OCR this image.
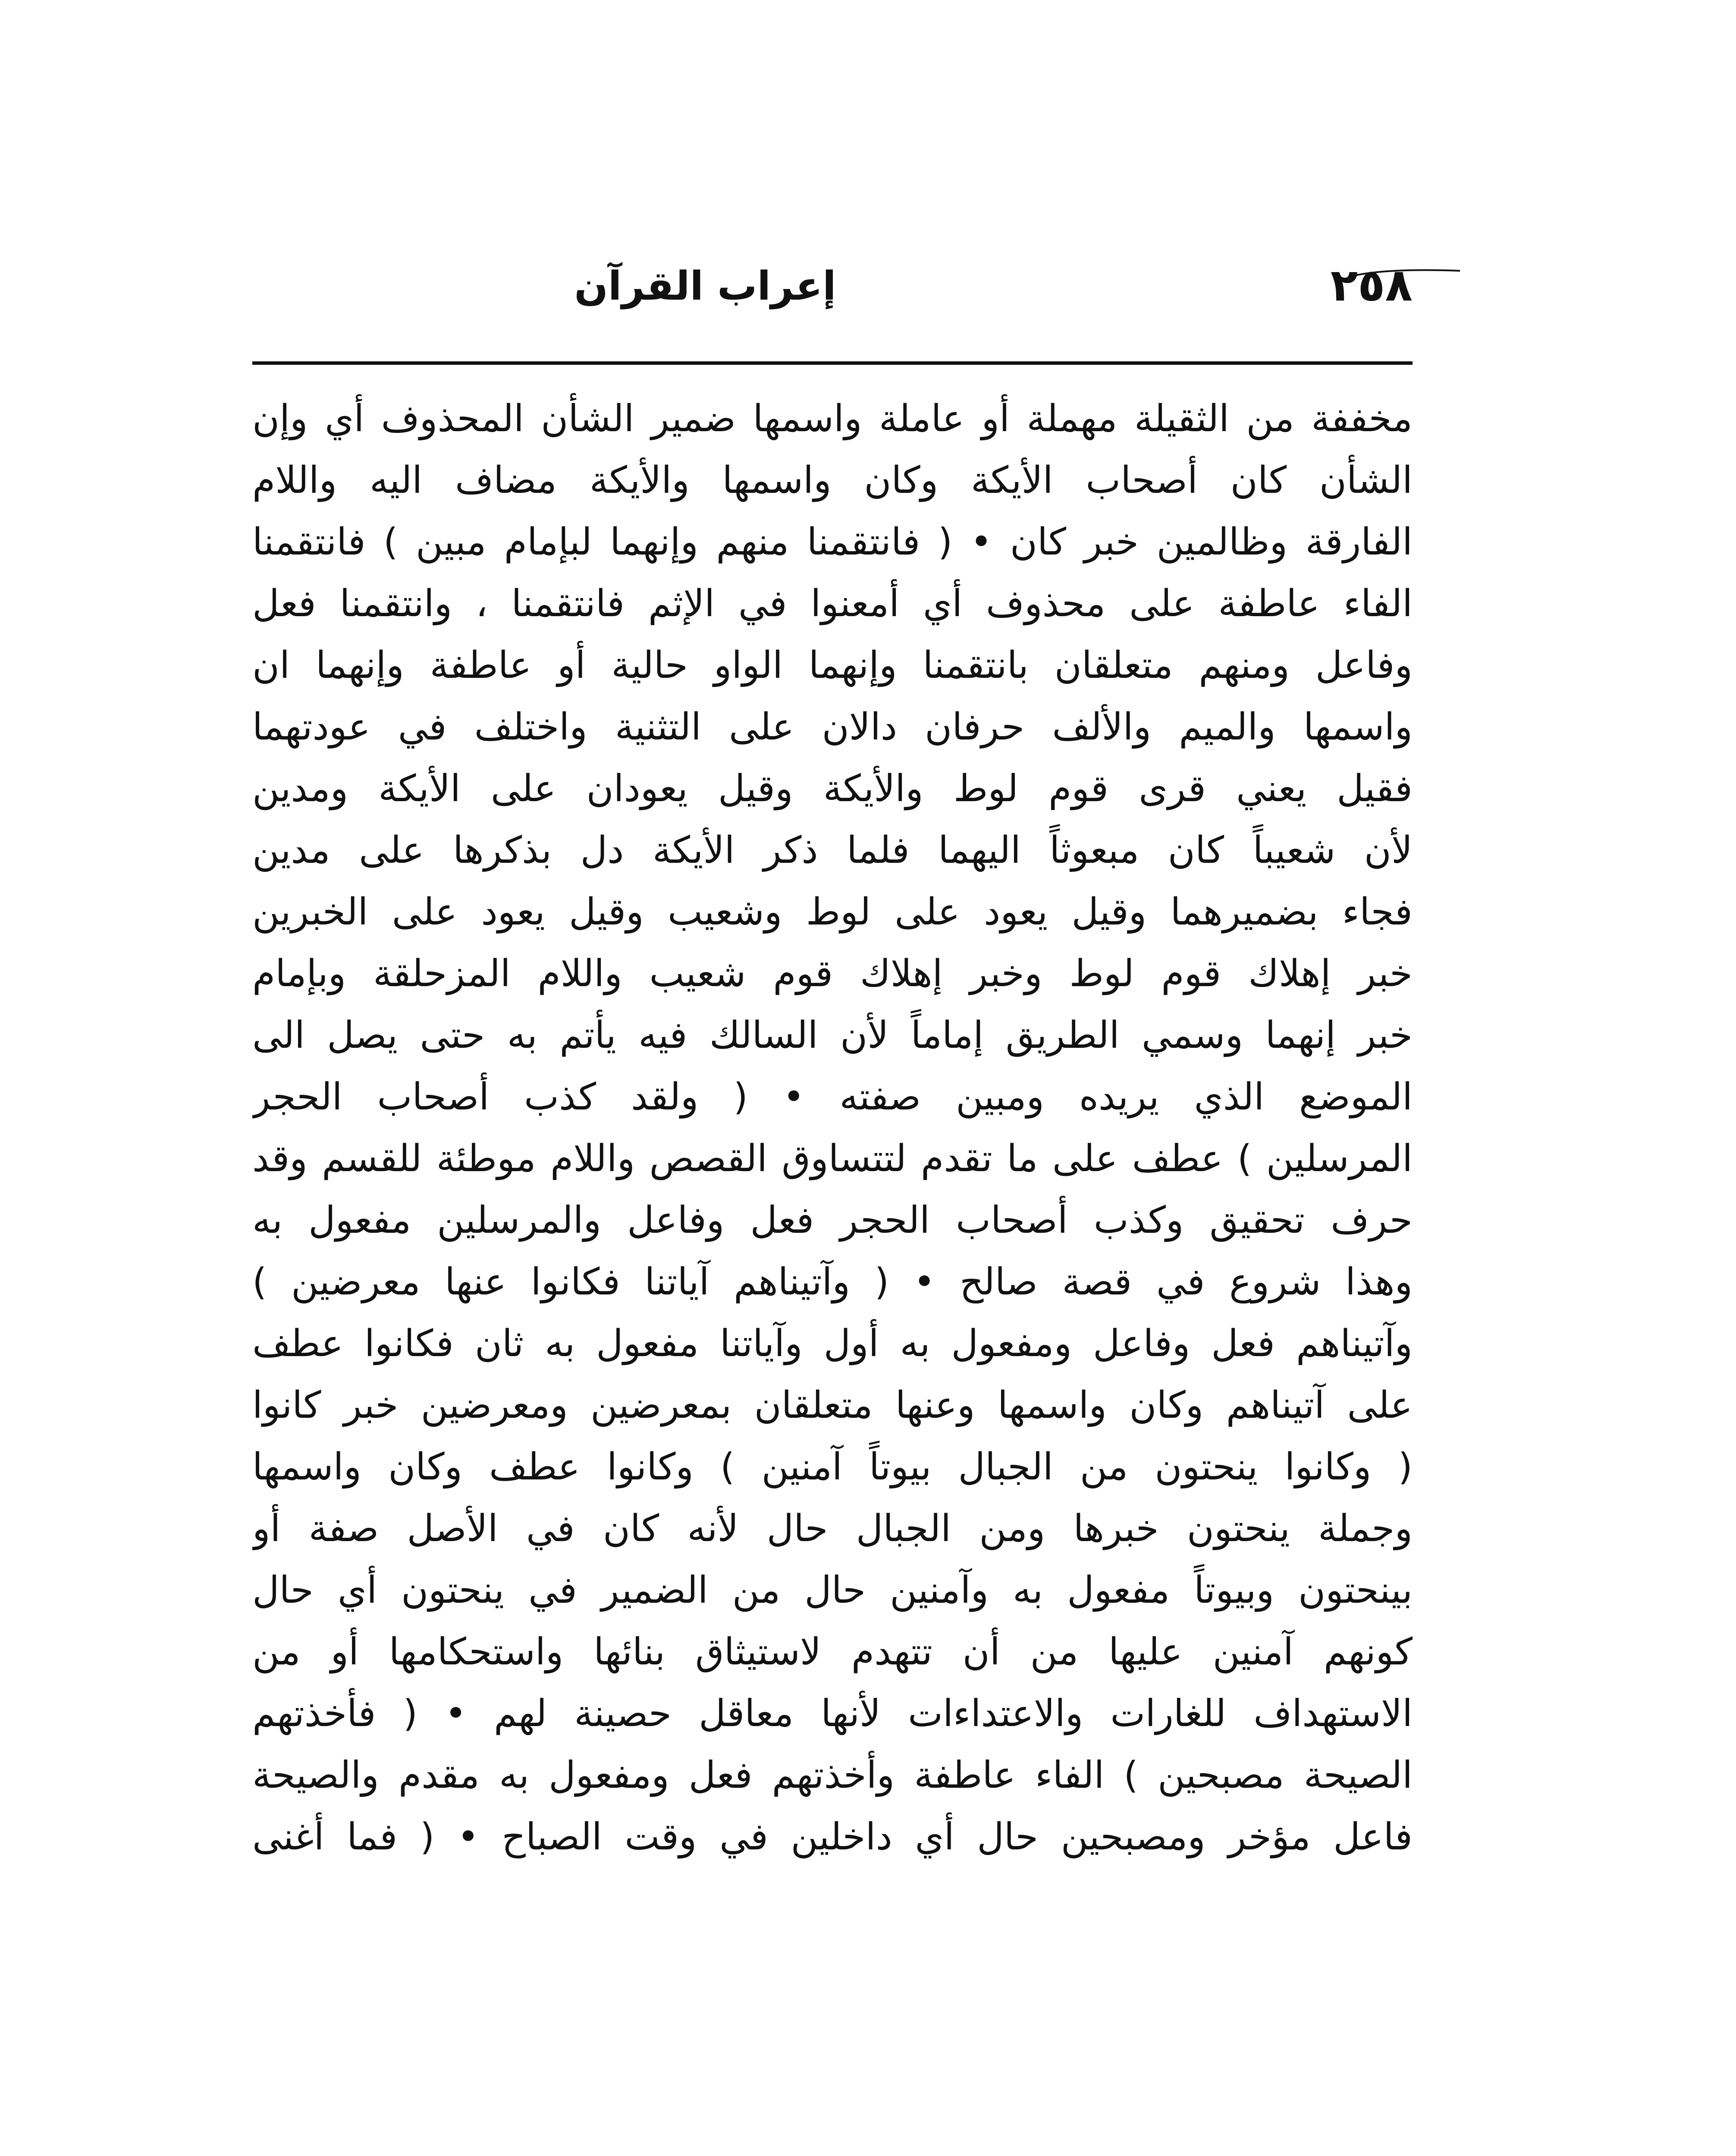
٢٥٨
إعراب القرآن
مخففة من الثقيلة مهملة أو عاملة واسمها ضمير الشأن المحذوف أي وإن
الشأن كان أصحاب الأيكة وكان واسمها والأيكة مضاف اليه واللام
الفارقة وظالمين خبر كان • ( فانتقمنا منهم وإنهما لبإمام مبين ) فانتقمنا
الفاء عاطفة على محذوف أي أمعنوا في الإثم فانتقمنا ، وانتقمنا فعل
وفاعل ومنهم متعلقان بانتقمنا وإنهما الواو حالية أو عاطفة وإنهما ان
واسمها والميم والألف حرفان دالان على التثنية واختلف في عودتهما
فقيل يعني قرى قوم لوط والأيكة وقيل يعودان على الأيكة ومدين
لأن شعيباً كان مبعوثاً اليهما فلما ذكر الأيكة دل بذكرها على مدين
فجاء بضميرهما وقيل يعود على لوط وشعيب وقيل يعود على الخبرين
خبر إهلاك قوم لوط وخبر إهلاك قوم شعيب واللام المزحلقة وبإمام
خبر إنهما وسمي الطريق إماماً لأن السالك فيه يأتم به حتى يصل الى
الموضع الذي يريده ومبين صفته • ( ولقد كذب أصحاب الحجر
المرسلين ) عطف على ما تقدم لتتساوق القصص واللام موطئة للقسم وقد
حرف تحقيق وكذب أصحاب الحجر فعل وفاعل والمرسلين مفعول به
وهذا شروع في قصة صالح • ( وآتيناهم آياتنا فكانوا عنها معرضين )
وآتيناهم فعل وفاعل ومفعول به أول وآياتنا مفعول به ثان فكانوا عطف
على آتيناهم وكان واسمها وعنها متعلقان بمعرضين ومعرضين خبر كانوا
( وكانوا ينحتون من الجبال بيوتاً آمنين ) وكانوا عطف وكان واسمها
وجملة ينحتون خبرها ومن الجبال حال لأنه كان في الأصل صفة أو
بينحتون وبيوتاً مفعول به وآمنين حال من الضمير في ينحتون أي حال
كونهم آمنين عليها من أن تتهدم لاستيثاق بنائها واستحكامها أو من
الاستهداف للغارات والاعتداءات لأنها معاقل حصينة لهم • ( فأخذتهم
الصيحة مصبحين ) الفاء عاطفة وأخذتهم فعل ومفعول به مقدم والصيحة
فاعل مؤخر ومصبحين حال أي داخلين في وقت الصباح • ( فما أغنى
